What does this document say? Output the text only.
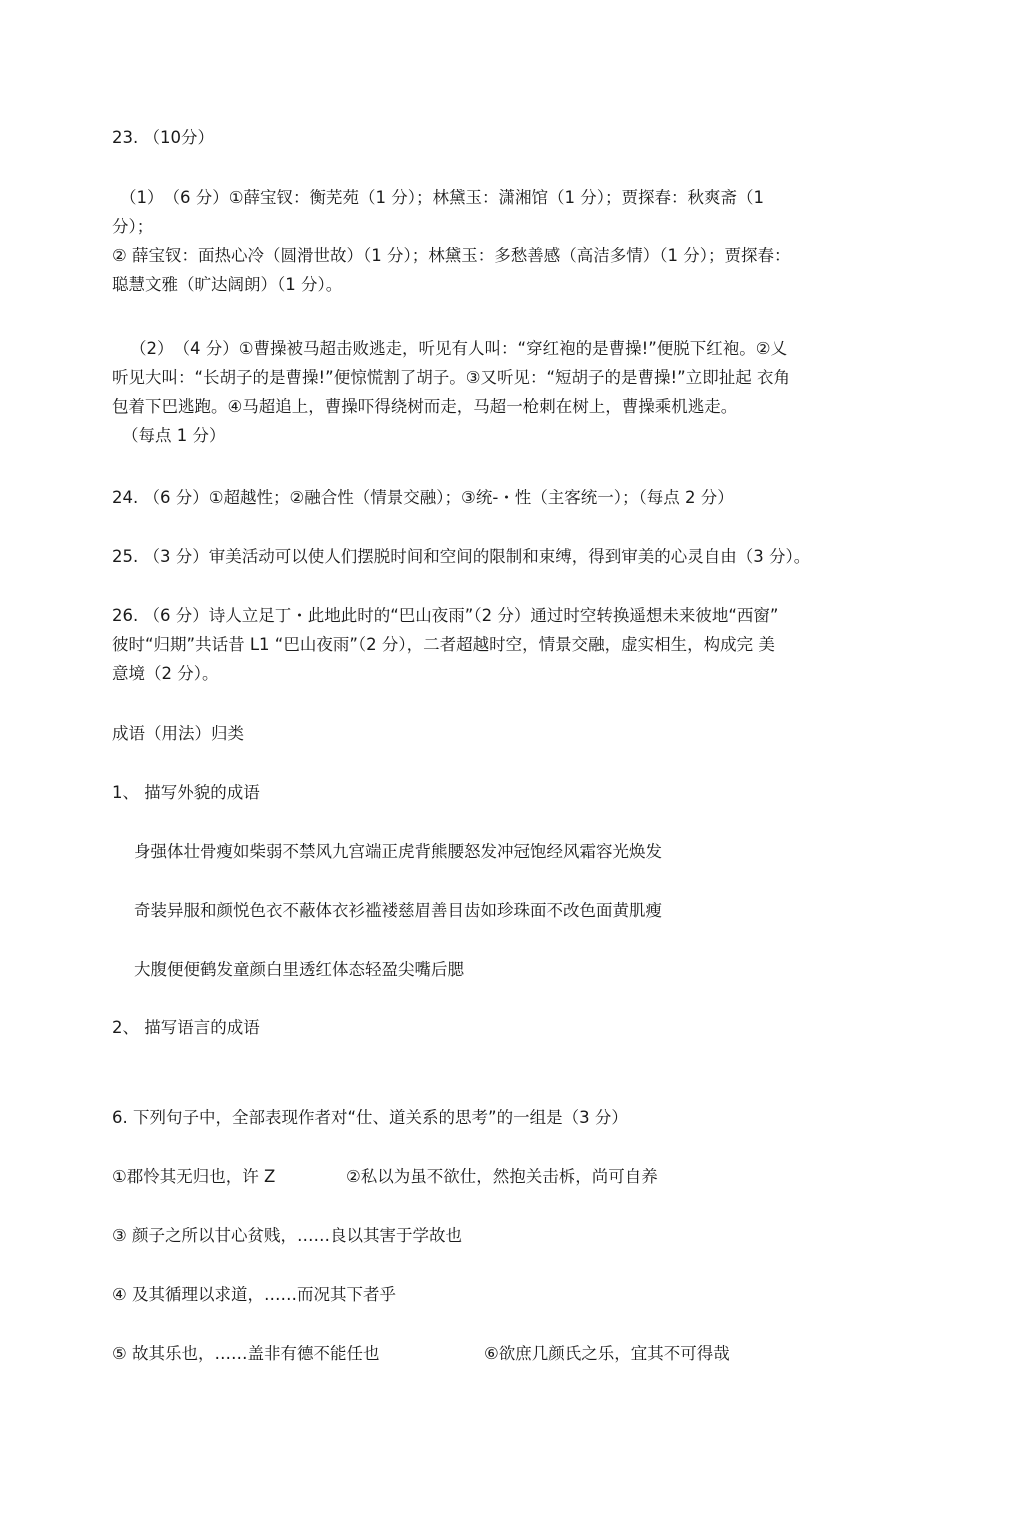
23. （10分）

（1）　（6 分）①薛宝钗：衡芜苑（1 分）；林黛玉：潇湘馆（1 分）；贾探春：秋爽斋（1

分）；

② 薛宝钗：面热心冷（圆滑世故）（1 分）；林黛玉：多愁善感（高洁多情）（1 分）；贾探春：

聪慧文雅（旷达阔朗）（1 分）。

（2）　（4 分）①曹操被马超击败逃走，听见有人叫：“穿红袍的是曹操!”便脱下红袍。②乂

听见大叫：“长胡子的是曹操!”便惊慌割了胡子。③又听见：“短胡子的是曹操!”立即扯起 衣角

包着下巴逃跑。④马超追上，曹操吓得绕树而走，马超一枪刺在树上，曹操乘机逃走。

（每点 1 分）

24. （6 分）①超越性；②融合性（情景交融）；③统-・性（主客统一）；（每点 2 分）
25. （3 分）审美活动可以使人们摆脱时间和空间的限制和束缚，得到审美的心灵自由（3 分）。

26. （6 分）诗人立足丁・此地此时的“巴山夜雨”（2 分）通过时空转换遥想未来彼地“西窗”

彼时“归期”共话昔 L1 “巴山夜雨”（2 分），二者超越时空，情景交融，虚实相生，构成完 美

意境（2 分）。

成语（用法）归类
1、 描写外貌的成语
身强体壮骨瘦如柴弱不禁风九宫端正虎背熊腰怒发冲冠饱经风霜容光焕发
奇装异服和颜悦色衣不蔽体衣衫褴褛慈眉善目齿如珍珠面不改色面黄肌瘦
大腹便便鹤发童颜白里透红体态轻盈尖嘴后腮
2、 描写语言的成语
6. 下列句子中，全部表现作者对“仕、道关系的思考”的一组是（3 分）
①郡怜其无归也，许 Z	②私以为虽不欲仕，然抱关击柝，尚可自养
③ 颜子之所以甘心贫贱，……良以其害于学故也
④ 及其循理以求道，……而况其下者乎
⑤ 故其乐也，……盖非有德不能任也	⑥欲庶几颜氏之乐，宜其不可得哉
